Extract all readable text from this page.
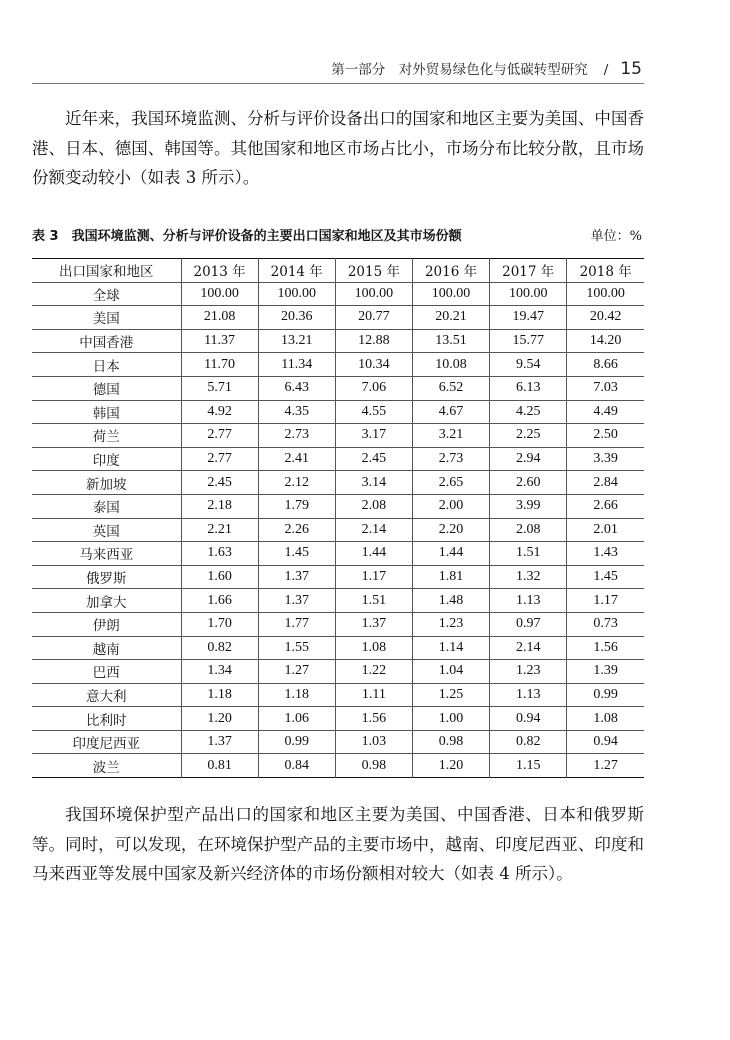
第一部分　对外贸易绿色化与低碳转型研究 / 15

近年来，我国环境监测、分析与评价设备出口的国家和地区主要为美国、中国香港、日本、德国、韩国等。其他国家和地区市场占比小，市场分布比较分散，且市场份额变动较小（如表 3 所示）。

表 3　我国环境监测、分析与评价设备的主要出口国家和地区及其市场份额	单位：%
出口国家和地区	2013 年	2014 年	2015 年	2016 年	2017 年	2018 年
全球	100.00	100.00	100.00	100.00	100.00	100.00
美国	21.08	20.36	20.77	20.21	19.47	20.42
中国香港	11.37	13.21	12.88	13.51	15.77	14.20
日本	11.70	11.34	10.34	10.08	9.54	8.66
德国	5.71	6.43	7.06	6.52	6.13	7.03
韩国	4.92	4.35	4.55	4.67	4.25	4.49
荷兰	2.77	2.73	3.17	3.21	2.25	2.50
印度	2.77	2.41	2.45	2.73	2.94	3.39
新加坡	2.45	2.12	3.14	2.65	2.60	2.84
泰国	2.18	1.79	2.08	2.00	3.99	2.66
英国	2.21	2.26	2.14	2.20	2.08	2.01
马来西亚	1.63	1.45	1.44	1.44	1.51	1.43
俄罗斯	1.60	1.37	1.17	1.81	1.32	1.45
加拿大	1.66	1.37	1.51	1.48	1.13	1.17
伊朗	1.70	1.77	1.37	1.23	0.97	0.73
越南	0.82	1.55	1.08	1.14	2.14	1.56
巴西	1.34	1.27	1.22	1.04	1.23	1.39
意大利	1.18	1.18	1.11	1.25	1.13	0.99
比利时	1.20	1.06	1.56	1.00	0.94	1.08
印度尼西亚	1.37	0.99	1.03	0.98	0.82	0.94
波兰	0.81	0.84	0.98	1.20	1.15	1.27

我国环境保护型产品出口的国家和地区主要为美国、中国香港、日本和俄罗斯等。同时，可以发现，在环境保护型产品的主要市场中，越南、印度尼西亚、印度和马来西亚等发展中国家及新兴经济体的市场份额相对较大（如表 4 所示）。
